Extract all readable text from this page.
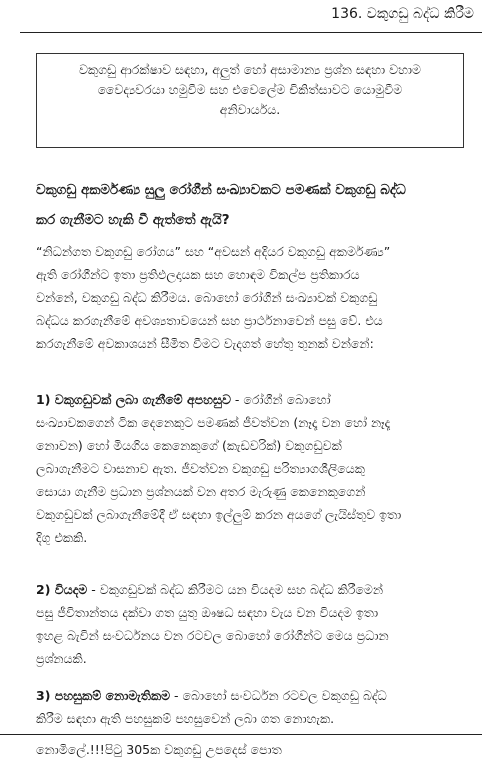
136. වකුගඩු බද්ධ කිරීම
වකුගඩු ආරක්ෂාව සඳහා, අලුත් හෝ අසාමාන්‍ය ප්‍රශ්න සඳහා වහාම
වෛද්‍යවරයා හමුවීම සහ එවෙලේම චිකිත්සාවට යොමුවීම
අනිවාර්යය.
වකුගඩු අකර්මණ්‍ය සුලු රෝගීන් සංඛ්‍යාවකට පමණක් වකුගඩු බද්ධ
කර ගැනීමට හැකි වී ඇත්තේ ඇයි?
“නිධන්ගත වකුගඩු රෝගය” සහ “අවසන් අදියර වකුගඩු අකර්මණ්‍ය”
ඇති රෝගීන්ට ඉතා ප්‍රතිඵලදායක සහ හොඳම විකල්ප ප්‍රතිකාරය
වන්නේ, වකුගඩු බද්ධ කිරීමය. බොහෝ රෝගීන් සංඛ්‍යාවක් වකුගඩු
බද්ධය කරගැනීමේ අවශ්‍යතාවයෙන් සහ ප්‍රාර්ථනාවෙන් පසු වේ. එය
කරගැනීමේ අවකාශයන් සීමිත වීමට වැදගත් හේතු තුනක් වන්නේ:
1) වකුගඩුවක් ලබා ගැනීමේ අපහසුව - රෝගීන් බොහෝ
සංඛ්‍යාවකගෙන් ටික දෙනෙකුට පමණක් ජීවත්වන (නෑදෑ වන හෝ නෑදෑ
නොවන) හෝ මියගිය කෙනෙකුගේ (කැඩවරික්) වකුගඩුවක්
ලබාගැනීමට වාසනාව ඇත. ජීවත්වන වකුගඩු පරිත්‍යාගශීලියෙකු
සොයා ගැනීම ප්‍රධාන ප්‍රශ්නයක් වන අතර මැරුණු කෙනෙකුගෙන්
වකුගඩුවක් ලබාගැනීමේදී ඒ සඳහා ඉල්ලුම් කරන අයගේ ලැයිස්තුව ඉතා
දිගු එකකි.
2) වියදම - වකුගඩුවක් බද්ධ කිරීමට යන වියදම සහ බද්ධ කිරීමෙන්
පසු ජීවිතාන්තය දක්වා ගත යුතු ඖෂධ සඳහා වැය වන වියදම ඉතා
ඉහළ බැවින් සංවර්ධනය වන රටවල බොහෝ රෝගීන්ට මෙය ප්‍රධාන
ප්‍රශ්නයකි.
3) පහසුකම් නොමැතිකම - බොහෝ සංවර්ධන රටවල වකුගඩු බද්ධ
කිරීම සඳහා ඇති පහසුකම් පහසුවෙන් ලබා ගත නොහැක.
නොමිලේ.!!!පිටු 305ක වකුගඩු උපදෙස් පොත
